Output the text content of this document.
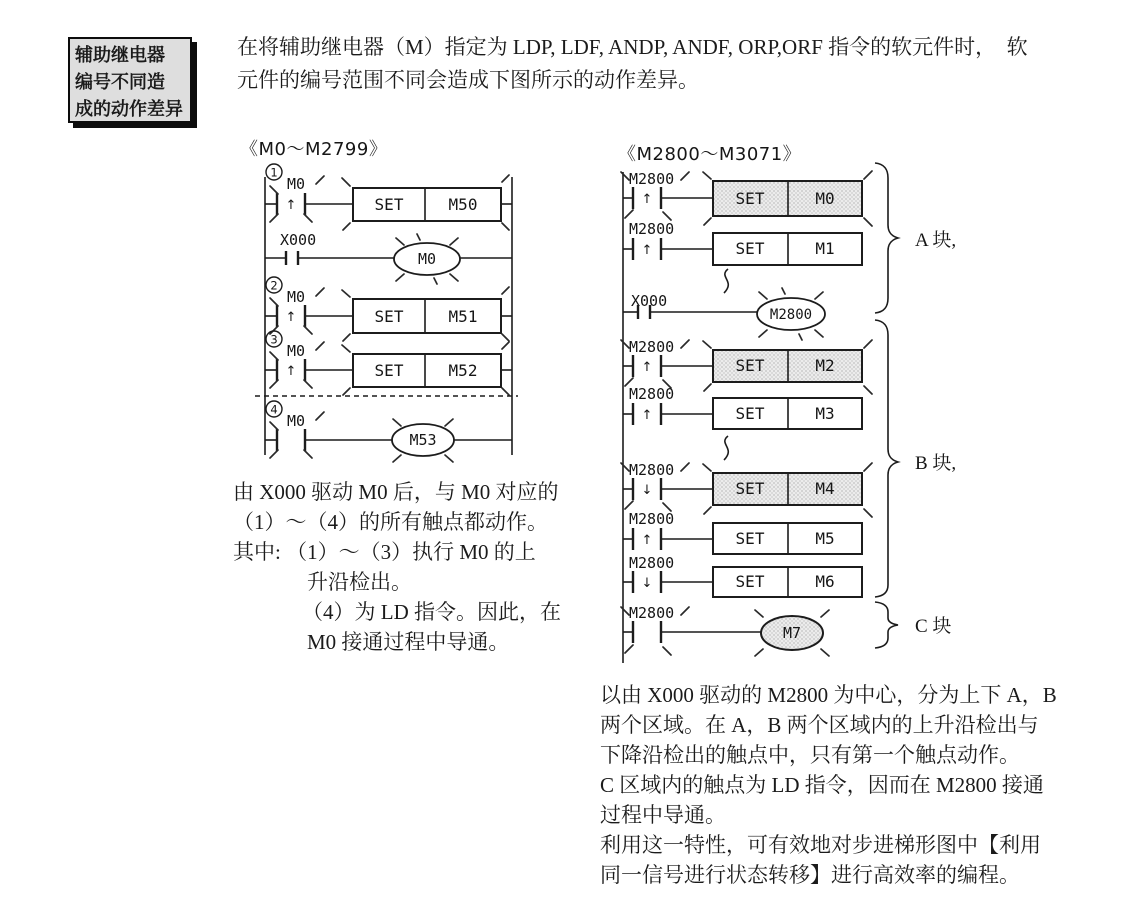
辅助继电器
编号不同造
成的动作差异
在将辅助继电器（M）指定为 LDP, LDF, ANDP, ANDF, ORP,ORF 指令的软元件时，　软
元件的编号范围不同会造成下图所示的动作差异。
《M0～M2799》
↑
1
M0
SET	M50
X000
M0
↑
2
M0
SET	M51
↑
3
M0
SET	M52
4
M0
M53
《M2800～M3071》
M2800
↑	SET	M0
M2800
↑	SET	M1
X000
M2800
M2800
↑	SET	M2
M2800
↑	SET	M3
M2800
↓	SET	M4
M2800
↑	SET	M5
M2800
↓	SET	M6
M2800
M7
A 块,
B 块,
C 块
由 X000 驱动 M0 后，与 M0 对应的
（1）～（4）的所有触点都动作。
其中: （1）～（3）执行 M0 的上
升沿检出。
（4）为 LD 指令。因此，在
M0 接通过程中导通。
以由 X000 驱动的 M2800 为中心，分为上下 A，B
两个区域。在 A，B 两个区域内的上升沿检出与
下降沿检出的触点中，只有第一个触点动作。
C 区域内的触点为 LD 指令，因而在 M2800 接通
过程中导通。
利用这一特性，可有效地对步进梯形图中【利用
同一信号进行状态转移】进行高效率的编程。
